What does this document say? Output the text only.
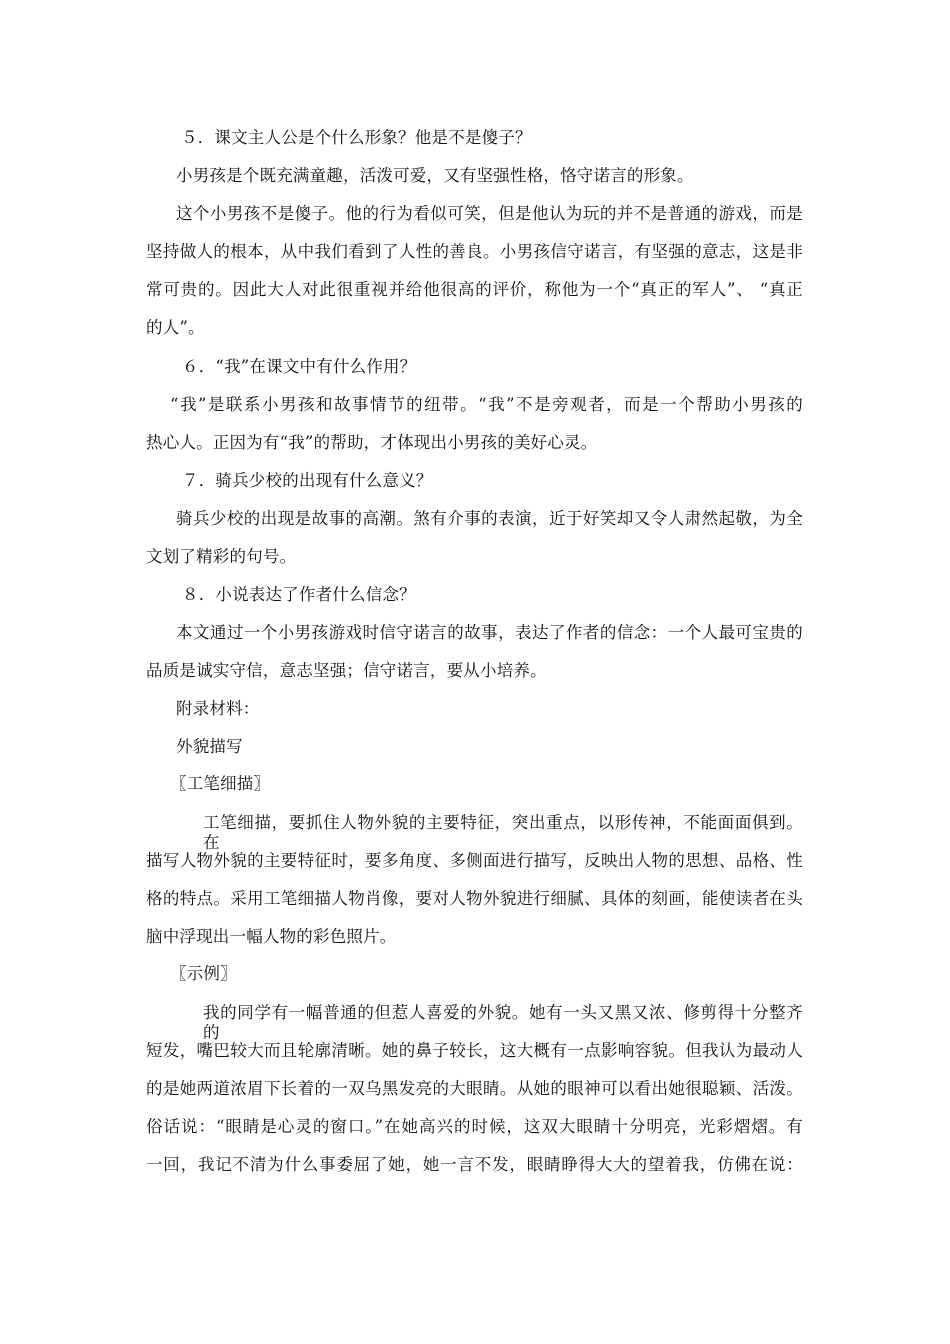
５．课文主人公是个什么形象？他是不是傻子？
小男孩是个既充满童趣，活泼可爱，又有坚强性格，恪守诺言的形象。
这个小男孩不是傻子。他的行为看似可笑，但是他认为玩的并不是普通的游戏，而是
坚持做人的根本，从中我们看到了人性的善良。小男孩信守诺言，有坚强的意志，这是非
常可贵的。因此大人对此很重视并给他很高的评价，称他为一个“真正的军人”、 “真正
的人”。
６．“我”在课文中有什么作用？
“我”是联系小男孩和故事情节的纽带。“我”不是旁观者，而是一个帮助小男孩的
热心人。正因为有“我”的帮助，才体现出小男孩的美好心灵。
７．骑兵少校的出现有什么意义？
骑兵少校的出现是故事的高潮。煞有介事的表演，近于好笑却又令人肃然起敬，为全
文划了精彩的句号。
８．小说表达了作者什么信念？
本文通过一个小男孩游戏时信守诺言的故事，表达了作者的信念：一个人最可宝贵的
品质是诚实守信，意志坚强；信守诺言，要从小培养。
附录材料：
外貌描写
〖工笔细描〗
工笔细描，要抓住人物外貌的主要特征，突出重点，以形传神，不能面面俱到。在
描写人物外貌的主要特征时，要多角度、多侧面进行描写，反映出人物的思想、品格、性
格的特点。采用工笔细描人物肖像，要对人物外貌进行细腻、具体的刻画，能使读者在头
脑中浮现出一幅人物的彩色照片。
〖示例〗
我的同学有一幅普通的但惹人喜爱的外貌。她有一头又黑又浓、修剪得十分整齐的
短发，嘴巴较大而且轮廓清晰。她的鼻子较长，这大概有一点影响容貌。但我认为最动人
的是她两道浓眉下长着的一双乌黑发亮的大眼睛。从她的眼神可以看出她很聪颖、活泼。
俗话说：“眼睛是心灵的窗口。”在她高兴的时候，这双大眼睛十分明亮，光彩熠熠。有
一回，我记不清为什么事委屈了她，她一言不发，眼睛睁得大大的望着我，仿佛在说：
